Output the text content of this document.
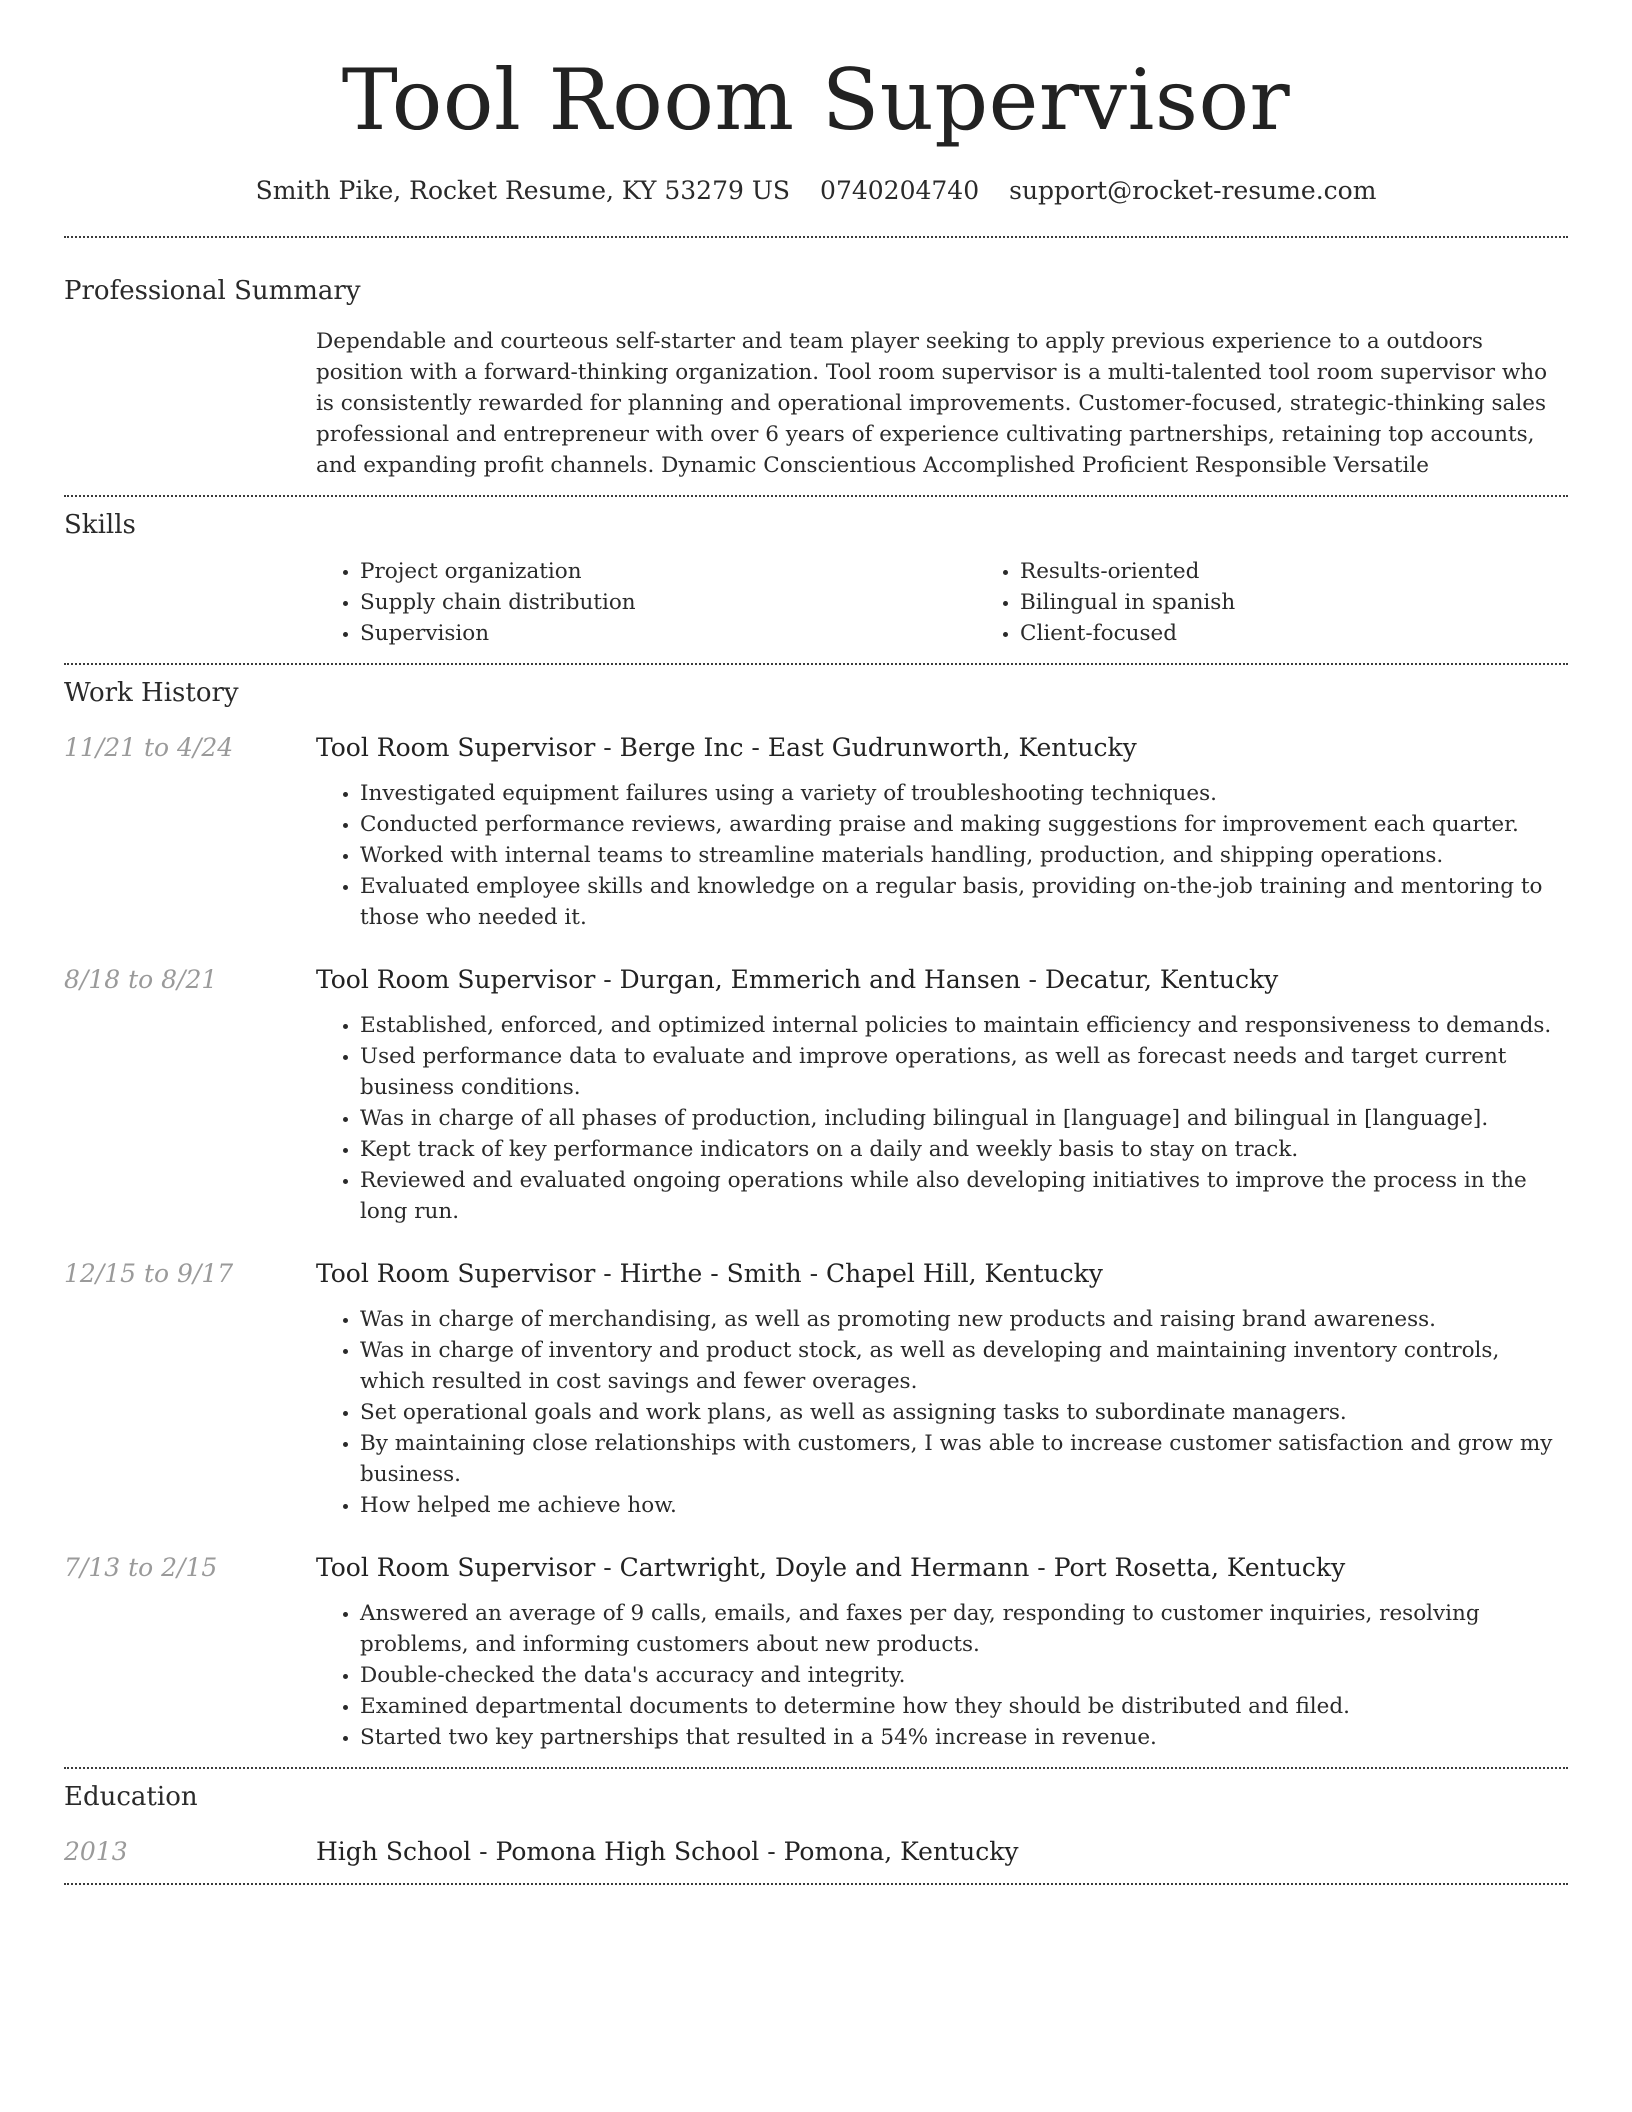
Tool Room Supervisor
Smith Pike, Rocket Resume, KY 53279 US 0740204740 support@rocket-resume.com
Professional Summary

Dependable and courteous self-starter and team player seeking to apply previous experience to a outdoors position with a forward-thinking organization. Tool room supervisor is a multi-talented tool room supervisor who is consistently rewarded for planning and operational improvements. Customer-focused, strategic-thinking sales professional and entrepreneur with over 6 years of experience cultivating partnerships, retaining top accounts, and expanding profit channels. Dynamic Conscientious Accomplished Proficient Responsible Versatile

Skills
• Project organization
• Supply chain distribution
• Supervision
• Results-oriented
• Bilingual in spanish
• Client-focused
Work History
11/21 to 4/24	Tool Room Supervisor - Berge Inc - East Gudrunworth, Kentucky
• Investigated equipment failures using a variety of troubleshooting techniques.
• Conducted performance reviews, awarding praise and making suggestions for improvement each quarter.
• Worked with internal teams to streamline materials handling, production, and shipping operations.
• Evaluated employee skills and knowledge on a regular basis, providing on-the-job training and mentoring to those who needed it.
8/18 to 8/21	Tool Room Supervisor - Durgan, Emmerich and Hansen - Decatur, Kentucky
• Established, enforced, and optimized internal policies to maintain efficiency and responsiveness to demands.
• Used performance data to evaluate and improve operations, as well as forecast needs and target current business conditions.
• Was in charge of all phases of production, including bilingual in [language] and bilingual in [language].
• Kept track of key performance indicators on a daily and weekly basis to stay on track.
• Reviewed and evaluated ongoing operations while also developing initiatives to improve the process in the long run.
12/15 to 9/17	Tool Room Supervisor - Hirthe - Smith - Chapel Hill, Kentucky
• Was in charge of merchandising, as well as promoting new products and raising brand awareness.
• Was in charge of inventory and product stock, as well as developing and maintaining inventory controls, which resulted in cost savings and fewer overages.
• Set operational goals and work plans, as well as assigning tasks to subordinate managers.
• By maintaining close relationships with customers, I was able to increase customer satisfaction and grow my business.
• How helped me achieve how.
7/13 to 2/15	Tool Room Supervisor - Cartwright, Doyle and Hermann - Port Rosetta, Kentucky
• Answered an average of 9 calls, emails, and faxes per day, responding to customer inquiries, resolving problems, and informing customers about new products.
• Double-checked the data's accuracy and integrity.
• Examined departmental documents to determine how they should be distributed and filed.
• Started two key partnerships that resulted in a 54% increase in revenue.
Education
2013	High School - Pomona High School - Pomona, Kentucky
